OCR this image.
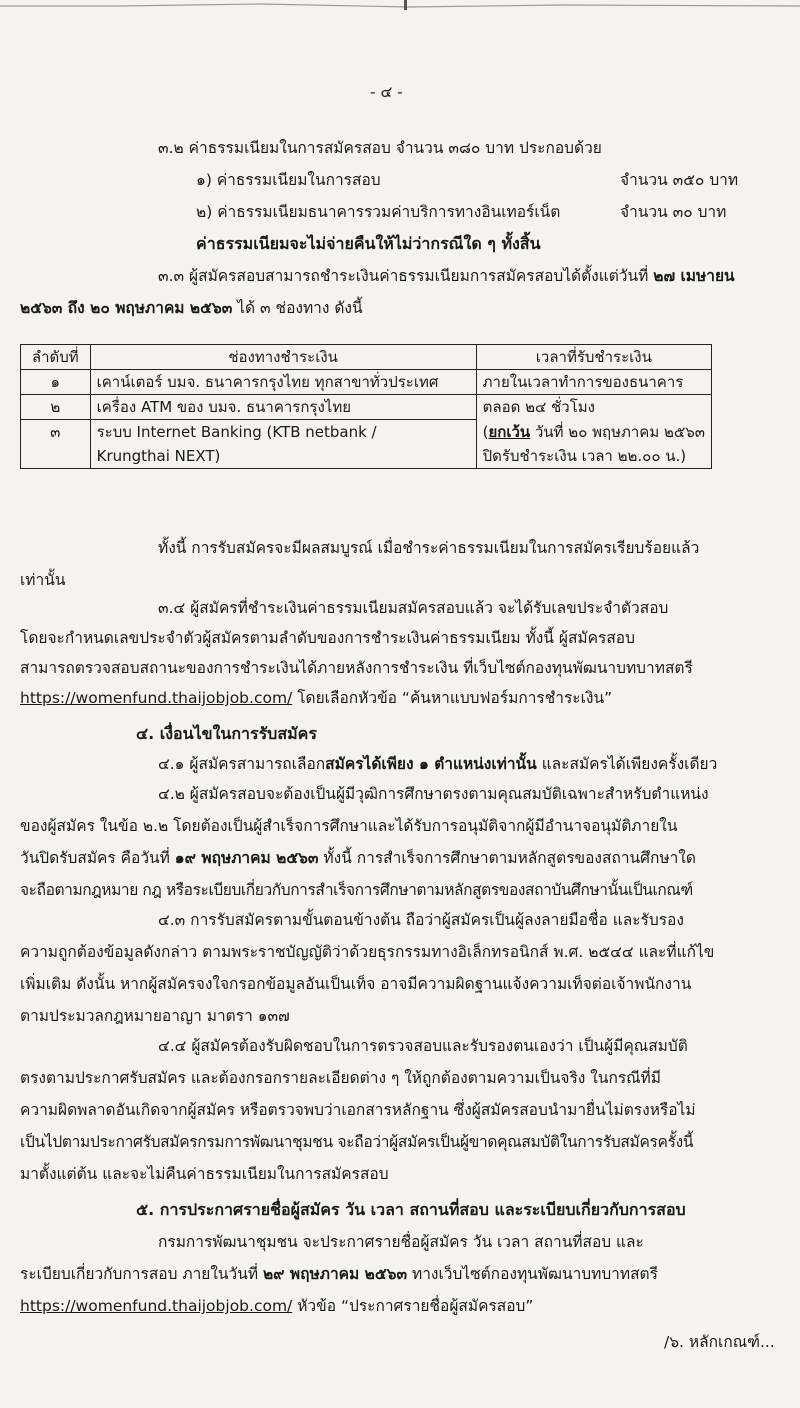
- ๔ -
๓.๒ ค่าธรรมเนียมในการสมัครสอบ จำนวน ๓๘๐ บาท ประกอบด้วย
๑) ค่าธรรมเนียมในการสอบ	จำนวน ๓๕๐ บาท
๒) ค่าธรรมเนียมธนาคารรวมค่าบริการทางอินเทอร์เน็ต	จำนวน ๓๐ บาท
ค่าธรรมเนียมจะไม่จ่ายคืนให้ไม่ว่ากรณีใด ๆ ทั้งสิ้น
๓.๓ ผู้สมัครสอบสามารถชำระเงินค่าธรรมเนียมการสมัครสอบได้ตั้งแต่วันที่ ๒๗ เมษายน
๒๕๖๓ ถึง ๒๐ พฤษภาคม ๒๕๖๓ ได้ ๓ ช่องทาง ดังนี้
ลำดับที่	ช่องทางชำระเงิน	เวลาที่รับชำระเงิน
๑	เคาน์เตอร์ บมจ. ธนาคารกรุงไทย ทุกสาขาทั่วประเทศ	ภายในเวลาทำการของธนาคาร
๒	เครื่อง ATM ของ บมจ. ธนาคารกรุงไทย	ตลอด ๒๔ ชั่วโมง
๓	ระบบ Internet Banking (KTB netbank /	(ยกเว้น วันที่ ๒๐ พฤษภาคม ๒๕๖๓
	Krungthai NEXT)	ปิดรับชำระเงิน เวลา ๒๒.๐๐ น.)
ทั้งนี้ การรับสมัครจะมีผลสมบูรณ์ เมื่อชำระค่าธรรมเนียมในการสมัครเรียบร้อยแล้ว
เท่านั้น
๓.๔ ผู้สมัครที่ชำระเงินค่าธรรมเนียมสมัครสอบแล้ว จะได้รับเลขประจำตัวสอบ
โดยจะกำหนดเลขประจำตัวผู้สมัครตามลำดับของการชำระเงินค่าธรรมเนียม ทั้งนี้ ผู้สมัครสอบ
สามารถตรวจสอบสถานะของการชำระเงินได้ภายหลังการชำระเงิน ที่เว็บไซต์กองทุนพัฒนาบทบาทสตรี
https://womenfund.thaijobjob.com/ โดยเลือกหัวข้อ “ค้นหาแบบฟอร์มการชำระเงิน”
๔. เงื่อนไขในการรับสมัคร
๔.๑ ผู้สมัครสามารถเลือกสมัครได้เพียง ๑ ตำแหน่งเท่านั้น และสมัครได้เพียงครั้งเดียว
๔.๒ ผู้สมัครสอบจะต้องเป็นผู้มีวุฒิการศึกษาตรงตามคุณสมบัติเฉพาะสำหรับตำแหน่ง
ของผู้สมัคร ในข้อ ๒.๒ โดยต้องเป็นผู้สำเร็จการศึกษาและได้รับการอนุมัติจากผู้มีอำนาจอนุมัติภายใน
วันปิดรับสมัคร คือวันที่ ๑๙ พฤษภาคม ๒๕๖๓ ทั้งนี้ การสำเร็จการศึกษาตามหลักสูตรของสถานศึกษาใด
จะถือตามกฎหมาย กฎ หรือระเบียบเกี่ยวกับการสำเร็จการศึกษาตามหลักสูตรของสถาบันศึกษานั้นเป็นเกณฑ์
๔.๓ การรับสมัครตามขั้นตอนข้างต้น ถือว่าผู้สมัครเป็นผู้ลงลายมือชื่อ และรับรอง
ความถูกต้องข้อมูลดังกล่าว ตามพระราชบัญญัติว่าด้วยธุรกรรมทางอิเล็กทรอนิกส์ พ.ศ. ๒๕๔๔ และที่แก้ไข
เพิ่มเติม ดังนั้น หากผู้สมัครจงใจกรอกข้อมูลอันเป็นเท็จ อาจมีความผิดฐานแจ้งความเท็จต่อเจ้าพนักงาน
ตามประมวลกฎหมายอาญา มาตรา ๑๓๗
๔.๔ ผู้สมัครต้องรับผิดชอบในการตรวจสอบและรับรองตนเองว่า เป็นผู้มีคุณสมบัติ
ตรงตามประกาศรับสมัคร และต้องกรอกรายละเอียดต่าง ๆ ให้ถูกต้องตามความเป็นจริง ในกรณีที่มี
ความผิดพลาดอันเกิดจากผู้สมัคร หรือตรวจพบว่าเอกสารหลักฐาน ซึ่งผู้สมัครสอบนำมายื่นไม่ตรงหรือไม่
เป็นไปตามประกาศรับสมัครกรมการพัฒนาชุมชน จะถือว่าผู้สมัครเป็นผู้ขาดคุณสมบัติในการรับสมัครครั้งนี้
มาตั้งแต่ต้น และจะไม่คืนค่าธรรมเนียมในการสมัครสอบ
๕. การประกาศรายชื่อผู้สมัคร วัน เวลา สถานที่สอบ และระเบียบเกี่ยวกับการสอบ
กรมการพัฒนาชุมชน จะประกาศรายชื่อผู้สมัคร วัน เวลา สถานที่สอบ และ
ระเบียบเกี่ยวกับการสอบ ภายในวันที่ ๒๙ พฤษภาคม ๒๕๖๓ ทางเว็บไซต์กองทุนพัฒนาบทบาทสตรี
https://womenfund.thaijobjob.com/ หัวข้อ “ประกาศรายชื่อผู้สมัครสอบ”
/๖. หลักเกณฑ์...
